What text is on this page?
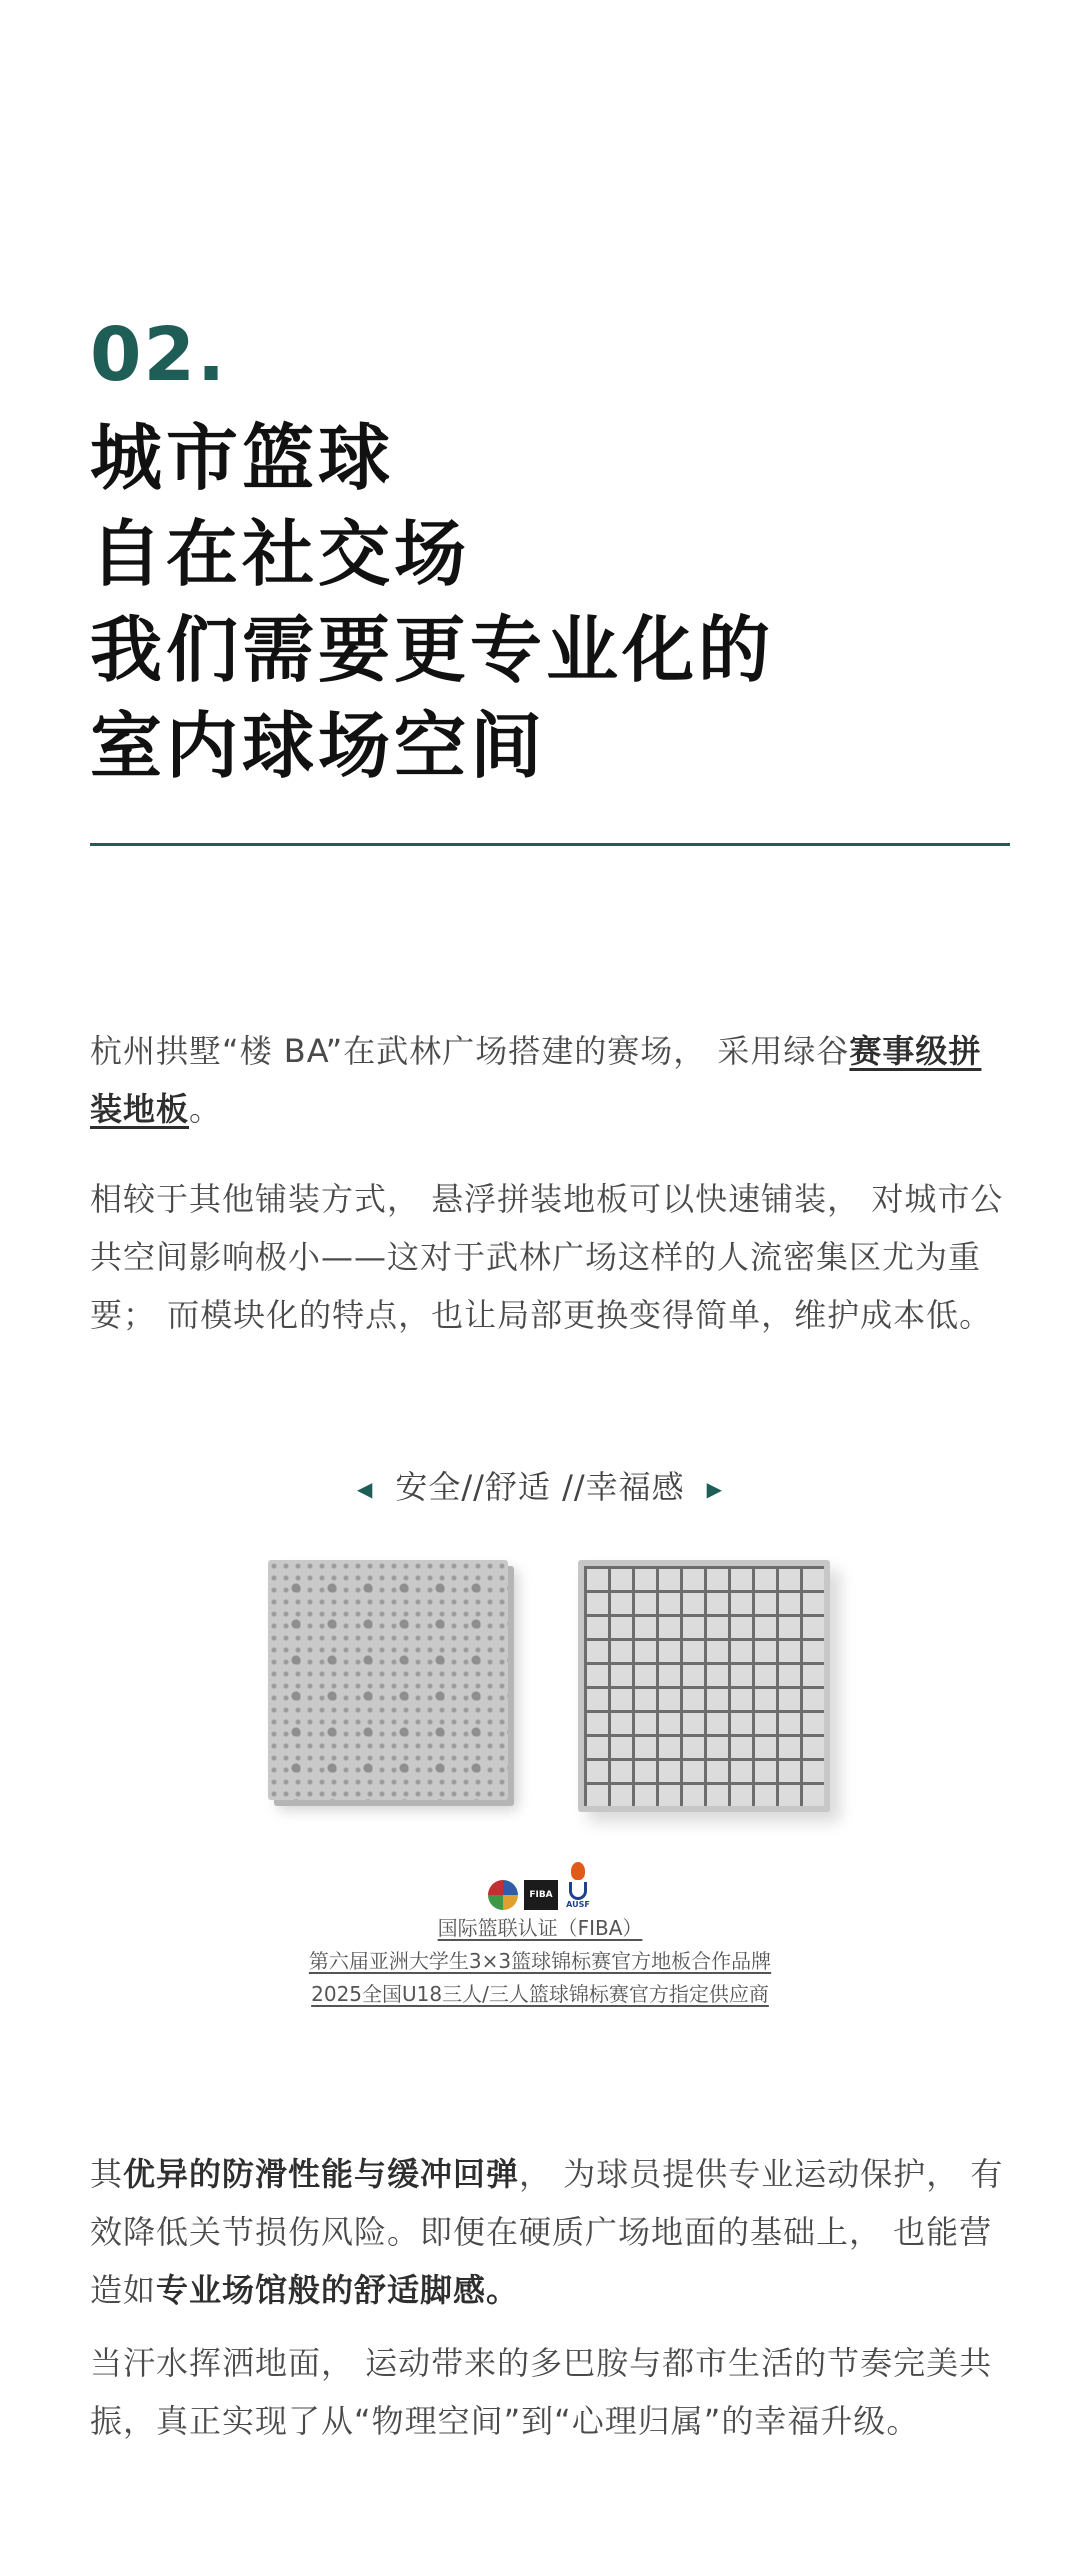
02.
城市篮球
自在社交场
我们需要更专业化的
室内球场空间

杭州拱墅“楼 BA”在武林广场搭建的赛场， 采用绿谷赛事级拼装地板。

相较于其他铺装方式， 悬浮拼装地板可以快速铺装， 对城市公共空间影响极小——这对于武林广场这样的人流密集区尤为重要； 而模块化的特点，也让局部更换变得简单，维护成本低。

◀ 安全//舒适 //幸福感 ▶
FIBA
AUSF
国际篮联认证（FIBA）
第六届亚洲大学生3×3篮球锦标赛官方地板合作品牌
2025全国U18三人/三人篮球锦标赛官方指定供应商

其优异的防滑性能与缓冲回弹， 为球员提供专业运动保护， 有效降低关节损伤风险。即便在硬质广场地面的基础上， 也能营造如专业场馆般的舒适脚感。

当汗水挥洒地面， 运动带来的多巴胺与都市生活的节奏完美共振，真正实现了从“物理空间”到“心理归属”的幸福升级。
